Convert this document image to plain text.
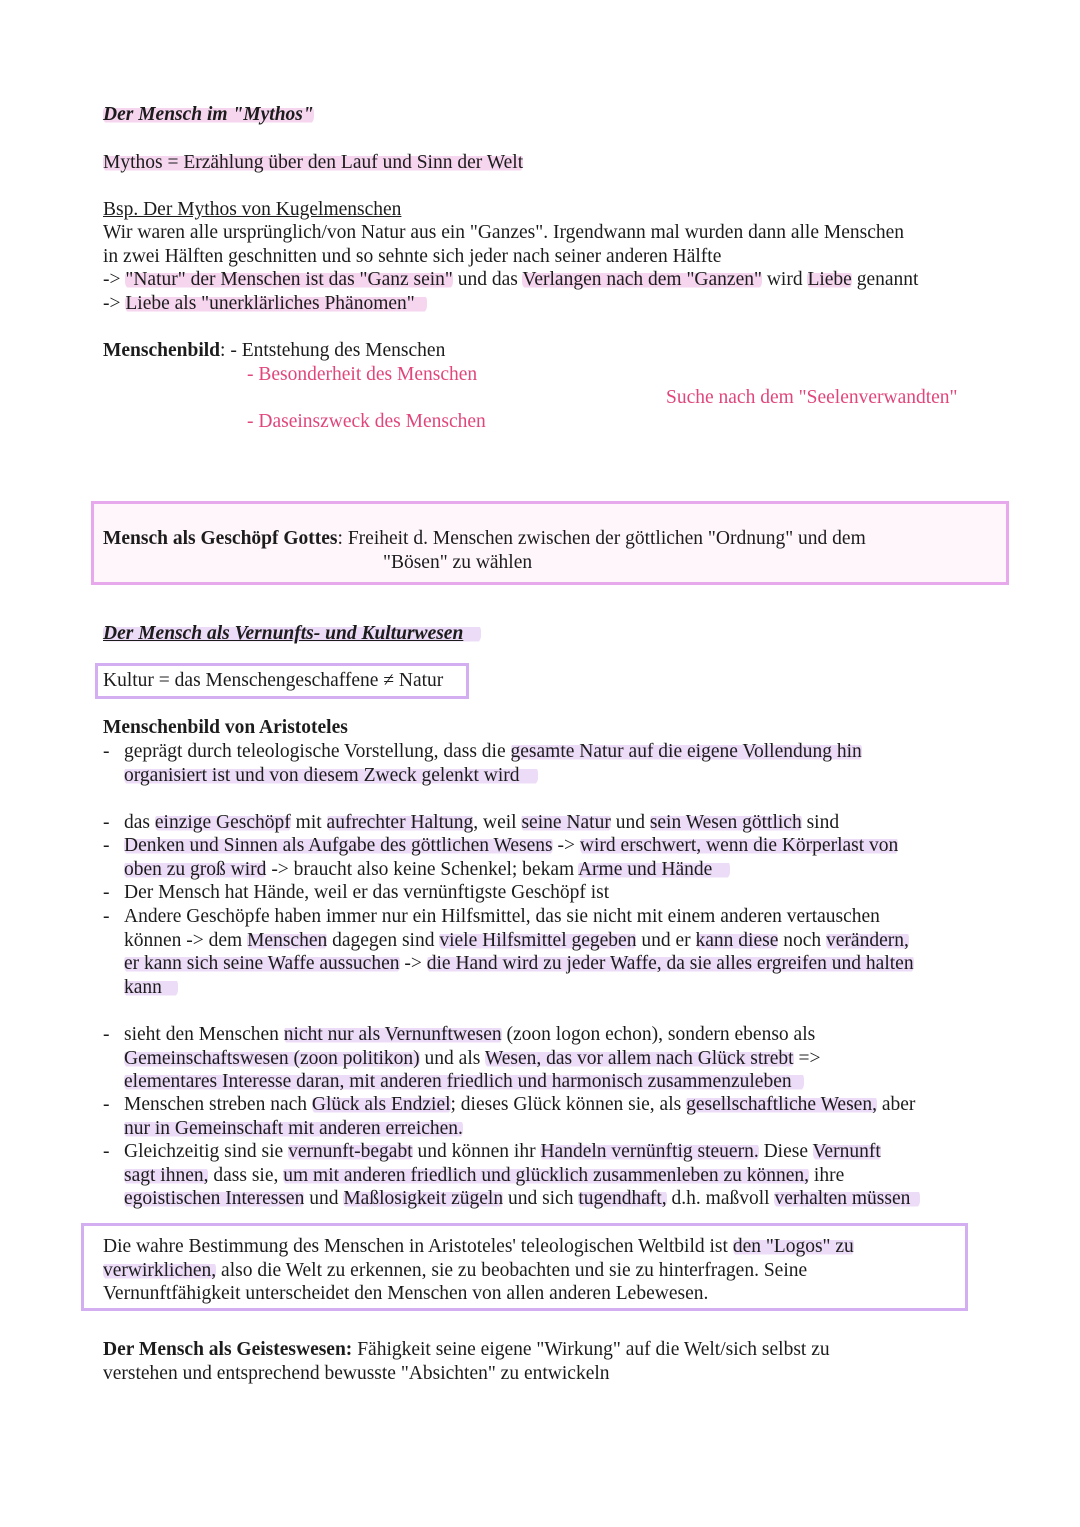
Der Mensch im "Mythos"
Mythos = Erzählung über den Lauf und Sinn der Welt
Bsp. Der Mythos von Kugelmenschen
Wir waren alle ursprünglich/von Natur aus ein "Ganzes". Irgendwann mal wurden dann alle Menschen
in zwei Hälften geschnitten und so sehnte sich jeder nach seiner anderen Hälfte
-> "Natur" der Menschen ist das "Ganz sein" und das Verlangen nach dem "Ganzen" wird Liebe genannt
-> Liebe als "unerklärliches Phänomen"
Menschenbild: - Entstehung des Menschen
- Besonderheit des Menschen
Suche nach dem "Seelenverwandten"
- Daseinszweck des Menschen
Mensch als Geschöpf Gottes: Freiheit d. Menschen zwischen der göttlichen "Ordnung" und dem
"Bösen" zu wählen
Der Mensch als Vernunfts- und Kulturwesen
Kultur = das Menschengeschaffene ≠ Natur
Menschenbild von Aristoteles
- geprägt durch teleologische Vorstellung, dass die gesamte Natur auf die eigene Vollendung hin
organisiert ist und von diesem Zweck gelenkt wird
- das einzige Geschöpf mit aufrechter Haltung, weil seine Natur und sein Wesen göttlich sind
- Denken und Sinnen als Aufgabe des göttlichen Wesens -> wird erschwert, wenn die Körperlast von
oben zu groß wird -> braucht also keine Schenkel; bekam Arme und Hände
- Der Mensch hat Hände, weil er das vernünftigste Geschöpf ist
- Andere Geschöpfe haben immer nur ein Hilfsmittel, das sie nicht mit einem anderen vertauschen
können -> dem Menschen dagegen sind viele Hilfsmittel gegeben und er kann diese noch verändern,
er kann sich seine Waffe aussuchen -> die Hand wird zu jeder Waffe, da sie alles ergreifen und halten
kann
- sieht den Menschen nicht nur als Vernunftwesen (zoon logon echon), sondern ebenso als
Gemeinschaftswesen (zoon politikon) und als Wesen, das vor allem nach Glück strebt =>
elementares Interesse daran, mit anderen friedlich und harmonisch zusammenzuleben
- Menschen streben nach Glück als Endziel; dieses Glück können sie, als gesellschaftliche Wesen, aber
nur in Gemeinschaft mit anderen erreichen.
- Gleichzeitig sind sie vernunft-begabt und können ihr Handeln vernünftig steuern. Diese Vernunft
sagt ihnen, dass sie, um mit anderen friedlich und glücklich zusammenleben zu können, ihre
egoistischen Interessen und Maßlosigkeit zügeln und sich tugendhaft, d.h. maßvoll verhalten müssen
Die wahre Bestimmung des Menschen in Aristoteles' teleologischen Weltbild ist den "Logos" zu
verwirklichen, also die Welt zu erkennen, sie zu beobachten und sie zu hinterfragen. Seine
Vernunftfähigkeit unterscheidet den Menschen von allen anderen Lebewesen.
Der Mensch als Geisteswesen: Fähigkeit seine eigene "Wirkung" auf die Welt/sich selbst zu
verstehen und entsprechend bewusste "Absichten" zu entwickeln
